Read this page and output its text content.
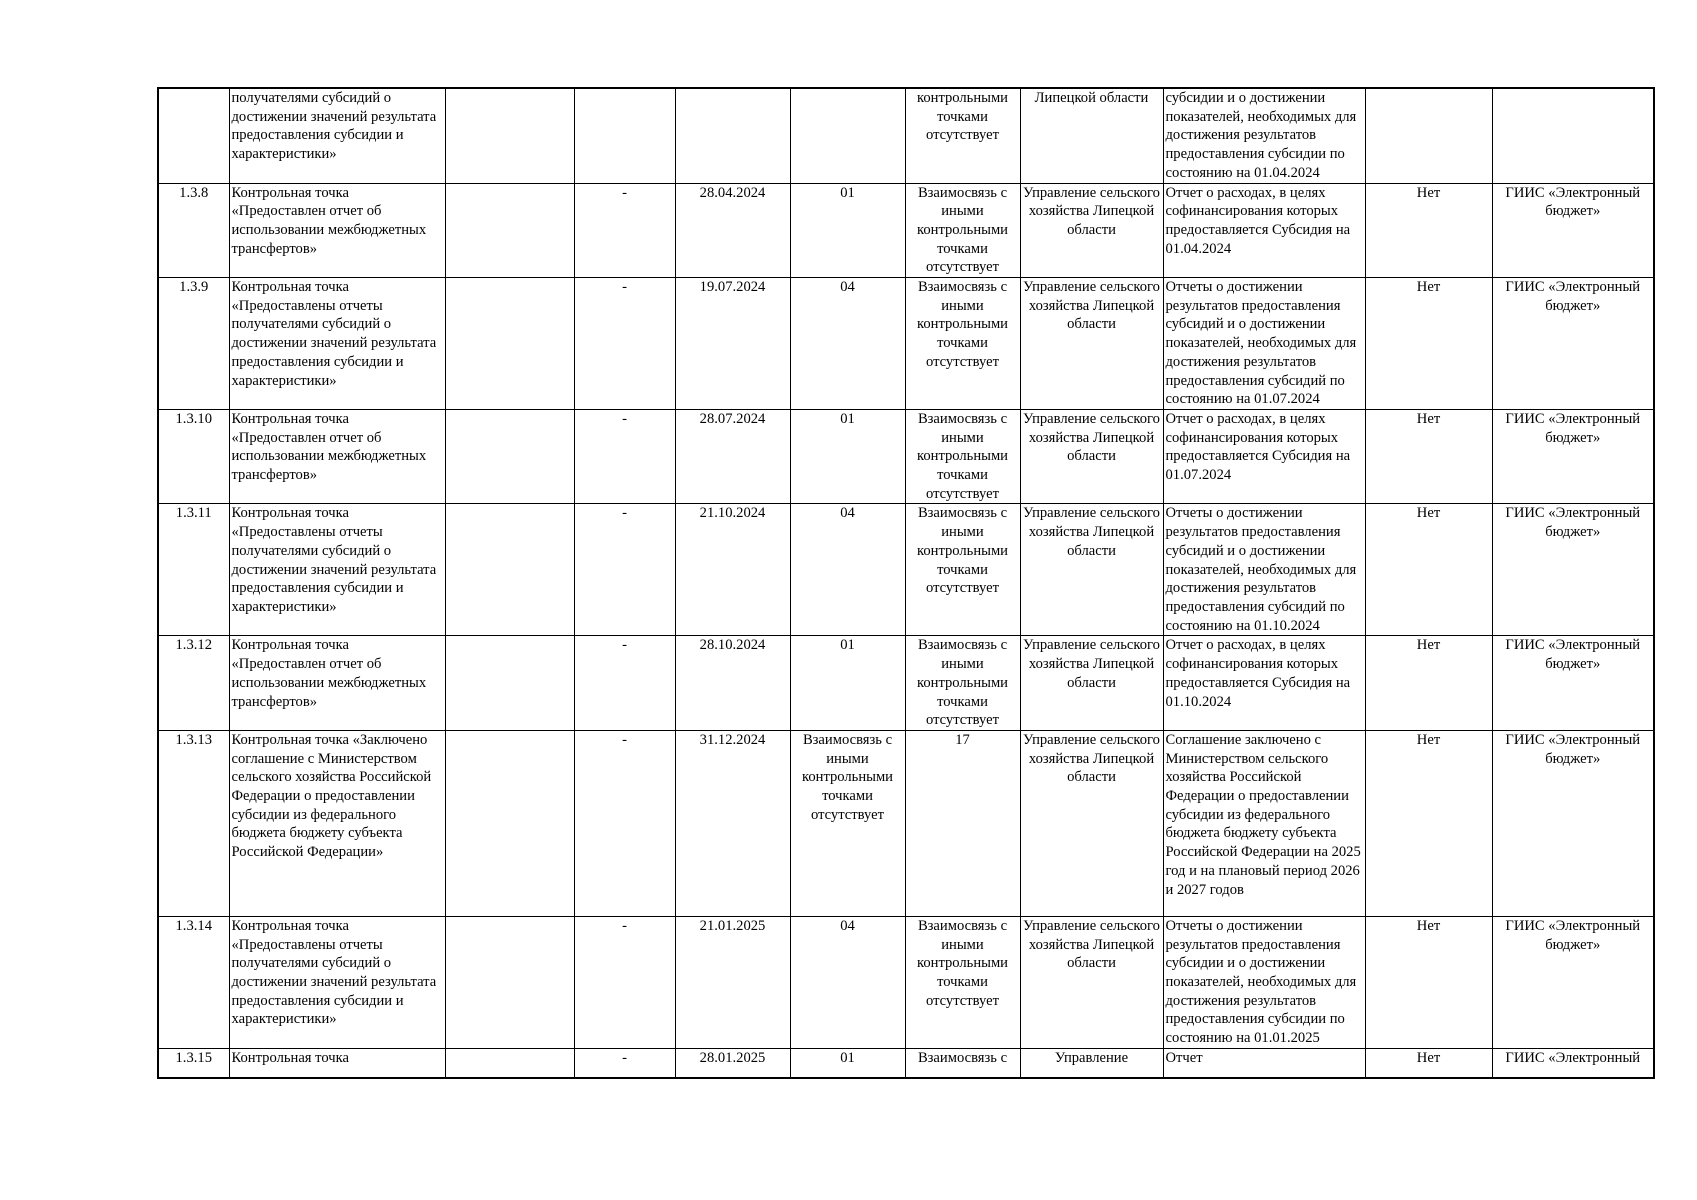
	получателями субсидий о достижении значений результата предоставления субсидии и характеристики»					контрольными точками отсутствует	Липецкой области	субсидии и о достижении показателей, необходимых для достижения результатов предоставления субсидии по состоянию на 01.04.2024		
1.3.8	Контрольная точка «Предоставлен отчет об использовании межбюджетных трансфертов»		-	28.04.2024	01	Взаимосвязь с иными контрольными точками отсутствует	Управление сельского хозяйства Липецкой области	Отчет о расходах, в целях софинансирования которых предоставляется Субсидия на 01.04.2024	Нет	ГИИС «Электронный бюджет»
1.3.9	Контрольная точка «Предоставлены отчеты получателями субсидий о достижении значений результата предоставления субсидии и характеристики»		-	19.07.2024	04	Взаимосвязь с иными контрольными точками отсутствует	Управление сельского хозяйства Липецкой области	Отчеты о достижении результатов предоставления субсидий и о достижении показателей, необходимых для достижения результатов предоставления субсидий по состоянию на 01.07.2024	Нет	ГИИС «Электронный бюджет»
1.3.10	Контрольная точка «Предоставлен отчет об использовании межбюджетных трансфертов»		-	28.07.2024	01	Взаимосвязь с иными контрольными точками отсутствует	Управление сельского хозяйства Липецкой области	Отчет о расходах, в целях софинансирования которых предоставляется Субсидия на 01.07.2024	Нет	ГИИС «Электронный бюджет»
1.3.11	Контрольная точка «Предоставлены отчеты получателями субсидий о достижении значений результата предоставления субсидии и характеристики»		-	21.10.2024	04	Взаимосвязь с иными контрольными точками отсутствует	Управление сельского хозяйства Липецкой области	Отчеты о достижении результатов предоставления субсидий и о достижении показателей, необходимых для достижения результатов предоставления субсидий по состоянию на 01.10.2024	Нет	ГИИС «Электронный бюджет»
1.3.12	Контрольная точка «Предоставлен отчет об использовании межбюджетных трансфертов»		-	28.10.2024	01	Взаимосвязь с иными контрольными точками отсутствует	Управление сельского хозяйства Липецкой области	Отчет о расходах, в целях софинансирования которых предоставляется Субсидия на 01.10.2024	Нет	ГИИС «Электронный бюджет»
1.3.13	Контрольная точка «Заключено соглашение с Министерством сельского хозяйства Российской Федерации о предоставлении субсидии из федерального бюджета бюджету субъекта Российской Федерации»		-	31.12.2024	Взаимосвязь с иными контрольными точками отсутствует	17	Управление сельского хозяйства Липецкой области	Соглашение заключено с Министерством сельского хозяйства Российской Федерации о предоставлении субсидии из федерального бюджета бюджету субъекта Российской Федерации на 2025 год и на плановый период 2026 и 2027 годов	Нет	ГИИС «Электронный бюджет»
1.3.14	Контрольная точка «Предоставлены отчеты получателями субсидий о достижении значений результата предоставления субсидии и характеристики»		-	21.01.2025	04	Взаимосвязь с иными контрольными точками отсутствует	Управление сельского хозяйства Липецкой области	Отчеты о достижении результатов предоставления субсидии и о достижении показателей, необходимых для достижения результатов предоставления субсидии по состоянию на 01.01.2025	Нет	ГИИС «Электронный бюджет»
1.3.15	Контрольная точка		-	28.01.2025	01	Взаимосвязь с	Управление	Отчет	Нет	ГИИС «Электронный
